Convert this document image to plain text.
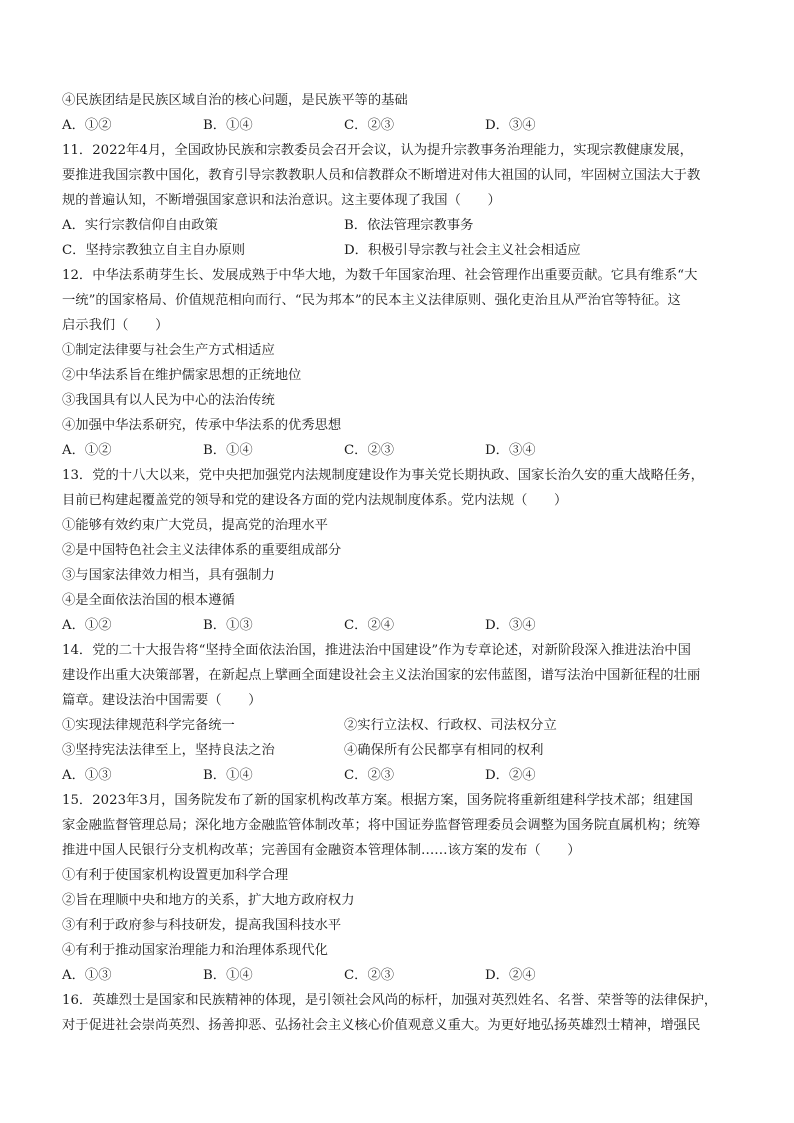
④民族团结是民族区域自治的核心问题，是民族平等的基础
A．①②	B．①④	C．②③	D．③④
11．2022年4月，全国政协民族和宗教委员会召开会议，认为提升宗教事务治理能力，实现宗教健康发展，
要推进我国宗教中国化，教育引导宗教教职人员和信教群众不断增进对伟大祖国的认同，牢固树立国法大于教
规的普遍认知，不断增强国家意识和法治意识。这主要体现了我国（　　）
A．实行宗教信仰自由政策	B．依法管理宗教事务
C．坚持宗教独立自主自办原则	D．积极引导宗教与社会主义社会相适应
12．中华法系萌芽生长、发展成熟于中华大地，为数千年国家治理、社会管理作出重要贡献。它具有维系“大
一统”的国家格局、价值规范相向而行、“民为邦本”的民本主义法律原则、强化吏治且从严治官等特征。这
启示我们（　　）
①制定法律要与社会生产方式相适应
②中华法系旨在维护儒家思想的正统地位
③我国具有以人民为中心的法治传统
④加强中华法系研究，传承中华法系的优秀思想
A．①②	B．①④	C．②③	D．③④
13．党的十八大以来，党中央把加强党内法规制度建设作为事关党长期执政、国家长治久安的重大战略任务，
目前已构建起覆盖党的领导和党的建设各方面的党内法规制度体系。党内法规（　　）
①能够有效约束广大党员，提高党的治理水平
②是中国特色社会主义法律体系的重要组成部分
③与国家法律效力相当，具有强制力
④是全面依法治国的根本遵循
A．①②	B．①③	C．②④	D．③④
14．党的二十大报告将“坚持全面依法治国，推进法治中国建设”作为专章论述，对新阶段深入推进法治中国
建设作出重大决策部署，在新起点上擘画全面建设社会主义法治国家的宏伟蓝图，谱写法治中国新征程的壮丽
篇章。建设法治中国需要（　　）
①实现法律规范科学完备统一	②实行立法权、行政权、司法权分立
③坚持宪法法律至上，坚持良法之治	④确保所有公民都享有相同的权利
A．①③	B．①④	C．②③	D．②④
15．2023年3月，国务院发布了新的国家机构改革方案。根据方案，国务院将重新组建科学技术部；组建国
家金融监督管理总局；深化地方金融监管体制改革；将中国证券监督管理委员会调整为国务院直属机构；统筹
推进中国人民银行分支机构改革；完善国有金融资本管理体制……该方案的发布（　　）
①有利于使国家机构设置更加科学合理
②旨在理顺中央和地方的关系，扩大地方政府权力
③有利于政府参与科技研发，提高我国科技水平
④有利于推动国家治理能力和治理体系现代化
A．①③	B．①④	C．②③	D．②④
16．英雄烈士是国家和民族精神的体现，是引领社会风尚的标杆，加强对英烈姓名、名誉、荣誉等的法律保护，
对于促进社会崇尚英烈、扬善抑恶、弘扬社会主义核心价值观意义重大。为更好地弘扬英雄烈士精神，增强民
